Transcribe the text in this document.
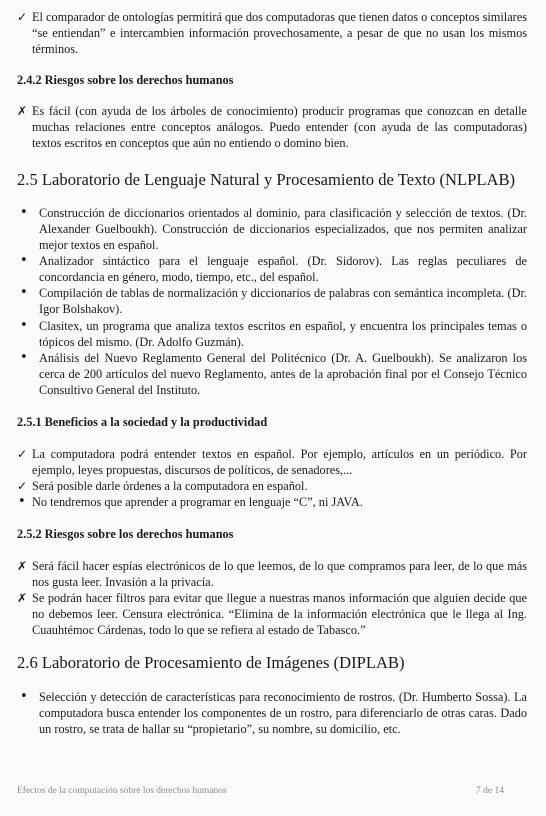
✓ El comparador de ontologías permitirá que dos computadoras que tienen datos o conceptos similares “se entiendan” e intercambien información provechosamente, a pesar de que no usan los mismos términos.
2.4.2 Riesgos sobre los derechos humanos
✗ Es fácil (con ayuda de los árboles de conocimiento) producir programas que conozcan en detalle muchas relaciones entre conceptos análogos. Puedo entender (con ayuda de las computadoras) textos escritos en conceptos que aún no entiendo o domino bien.
2.5 Laboratorio de Lenguaje Natural y Procesamiento de Texto (NLPLAB)
• Construcción de diccionarios orientados al dominio, para clasificación y selección de textos. (Dr. Alexander Guelboukh). Construcción de diccionarios especializados, que nos permiten analizar mejor textos en español.
• Analizador sintáctico para el lenguaje español. (Dr. Sidorov). Las reglas peculiares de concordancia en género, modo, tiempo, etc., del español.
• Compilación de tablas de normalización y diccionarios de palabras con semántica incompleta. (Dr. Igor Bolshakov).
• Clasitex, un programa que analiza textos escritos en español, y encuentra los principales temas o tópicos del mismo. (Dr. Adolfo Guzmán).
• Análisis del Nuevo Reglamento General del Politécnico (Dr. A. Guelboukh). Se analizaron los cerca de 200 artículos del nuevo Reglamento, antes de la aprobación final por el Consejo Técnico Consultivo General del Instituto.
2.5.1 Beneficios a la sociedad y la productividad
✓ La computadora podrá entender textos en español. Por ejemplo, artículos en un periódico. Por ejemplo, leyes propuestas, discursos de políticos, de senadores,...
✓ Será posible darle órdenes a la computadora en español.
• No tendremos que aprender a programar en lenguaje “C”, ni JAVA.
2.5.2 Riesgos sobre los derechos humanos
✗ Será fácil hacer espías electrónicos de lo que leemos, de lo que compramos para leer, de lo que más nos gusta leer. Invasión a la privacía.
✗ Se podrán hacer filtros para evitar que llegue a nuestras manos información que alguien decide que no debemos leer. Censura electrónica. “Elimina de la información electrónica que le llega al Ing. Cuauhtémoc Cárdenas, todo lo que se refiera al estado de Tabasco.”
2.6 Laboratorio de Procesamiento de Imágenes (DIPLAB)
• Selección y detección de características para reconocimiento de rostros. (Dr. Humberto Sossa). La computadora busca entender los componentes de un rostro, para diferenciarlo de otras caras. Dado un rostro, se trata de hallar su “propietario”, su nombre, su domicilio, etc.
Efectos de la computación sobre los derechos humanos	7 de 14
